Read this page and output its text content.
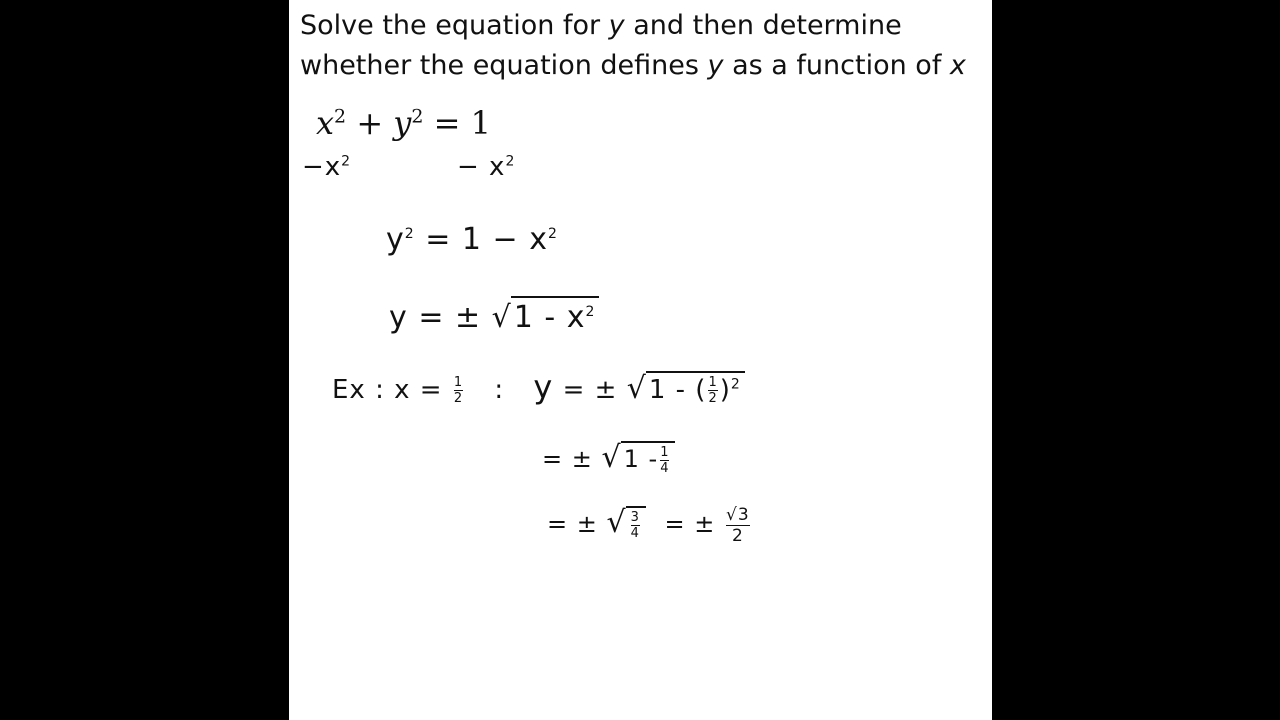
Solve the equation for y and then determine
whether the equation defines y as a function of x
$x^2 + y^2 = 1$
$-x^2$	− $x^2$
$y^2 = 1 - x^2$
y = ± $√1 - x^2$
Ex : $x = \frac{1}{2}$ : y = ± √1 - ( $\frac{1}{2} )^2$
= ± $√1 - \frac{1}{4}$
= ± √ $\frac{3}{4}$ = ± $\frac{√3}{2}$
